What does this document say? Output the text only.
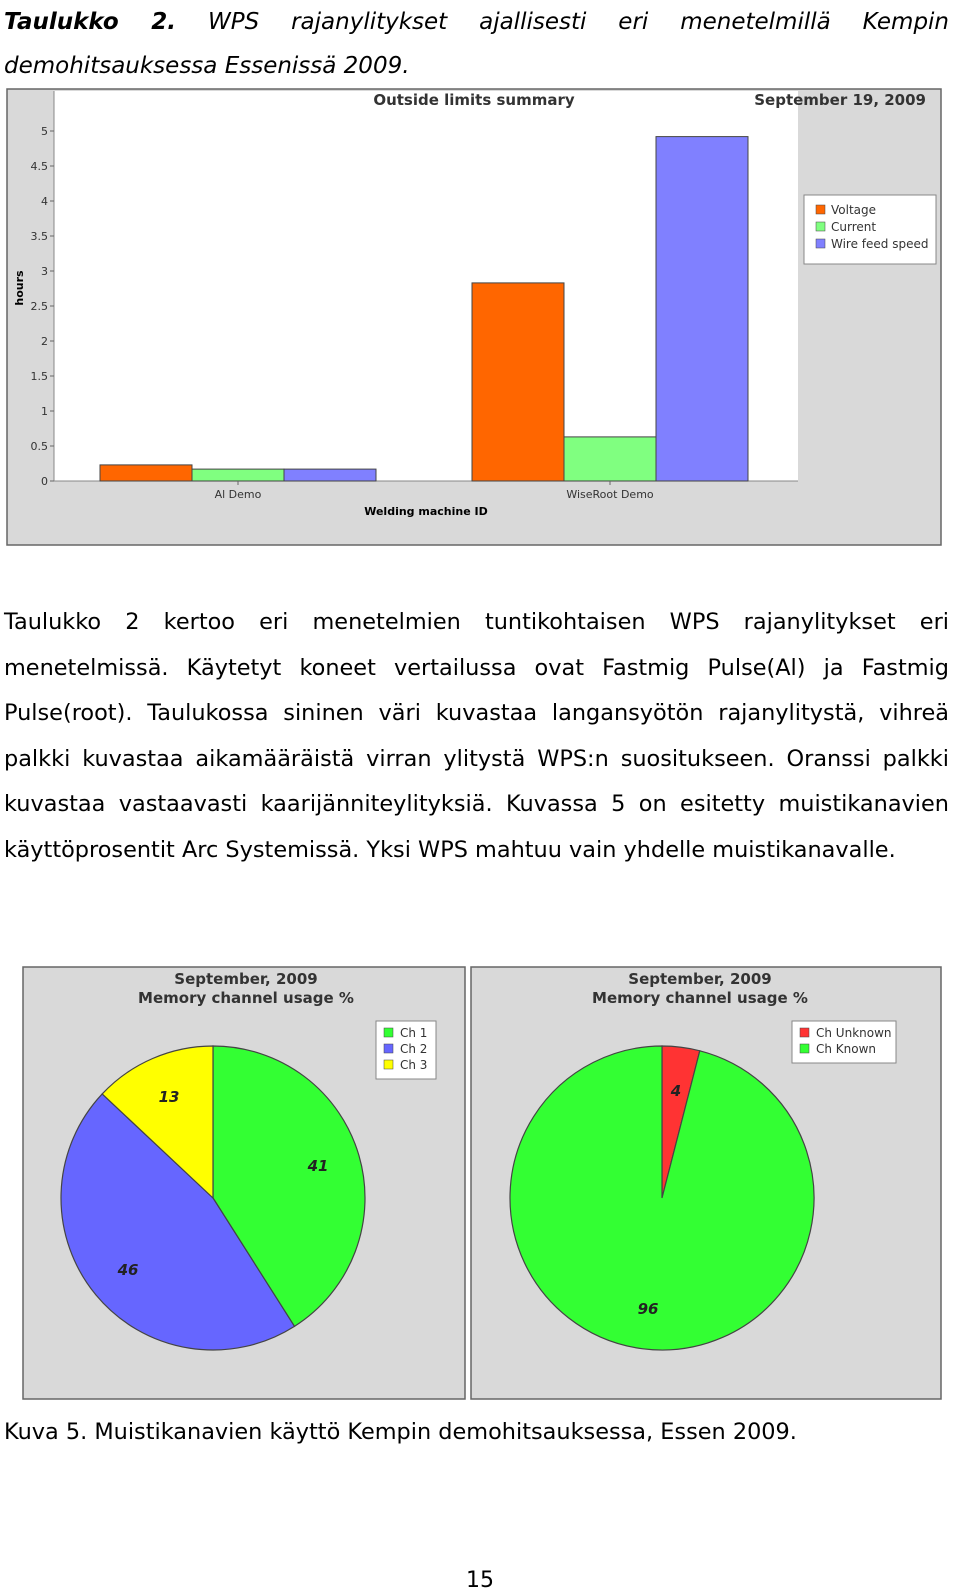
Taulukko 2. WPS rajanylitykset ajallisesti eri menetelmillä Kempin demohitsauksessa Essenissä 2009.
0
0.5
1
1.5
2
2.5
3
3.5
4
4.5
5
hours
Outside limits summary	September 19, 2009
Welding machine ID
Al Demo	WiseRoot Demo
Voltage
Current
Wire feed speed
Taulukko 2 kertoo eri menetelmien tuntikohtaisen WPS rajanylitykset eri menetelmissä. Käytetyt koneet vertailussa ovat Fastmig Pulse(Al) ja Fastmig Pulse(root). Taulukossa sininen väri kuvastaa langansyötön rajanylitystä, vihreä palkki kuvastaa aikamääräistä virran ylitystä WPS:n suositukseen. Oranssi palkki kuvastaa vastaavasti kaarijänniteylityksiä. Kuvassa 5 on esitetty muistikanavien käyttöprosentit Arc Systemissä. Yksi WPS mahtuu vain yhdelle muistikanavalle.
September, 2009
Memory channel usage %
41
46
13
Ch 1
Ch 2
Ch 3
September, 2009
Memory channel usage %
4
96
Ch Unknown
Ch Known
Kuva 5. Muistikanavien käyttö Kempin demohitsauksessa, Essen 2009.
15
